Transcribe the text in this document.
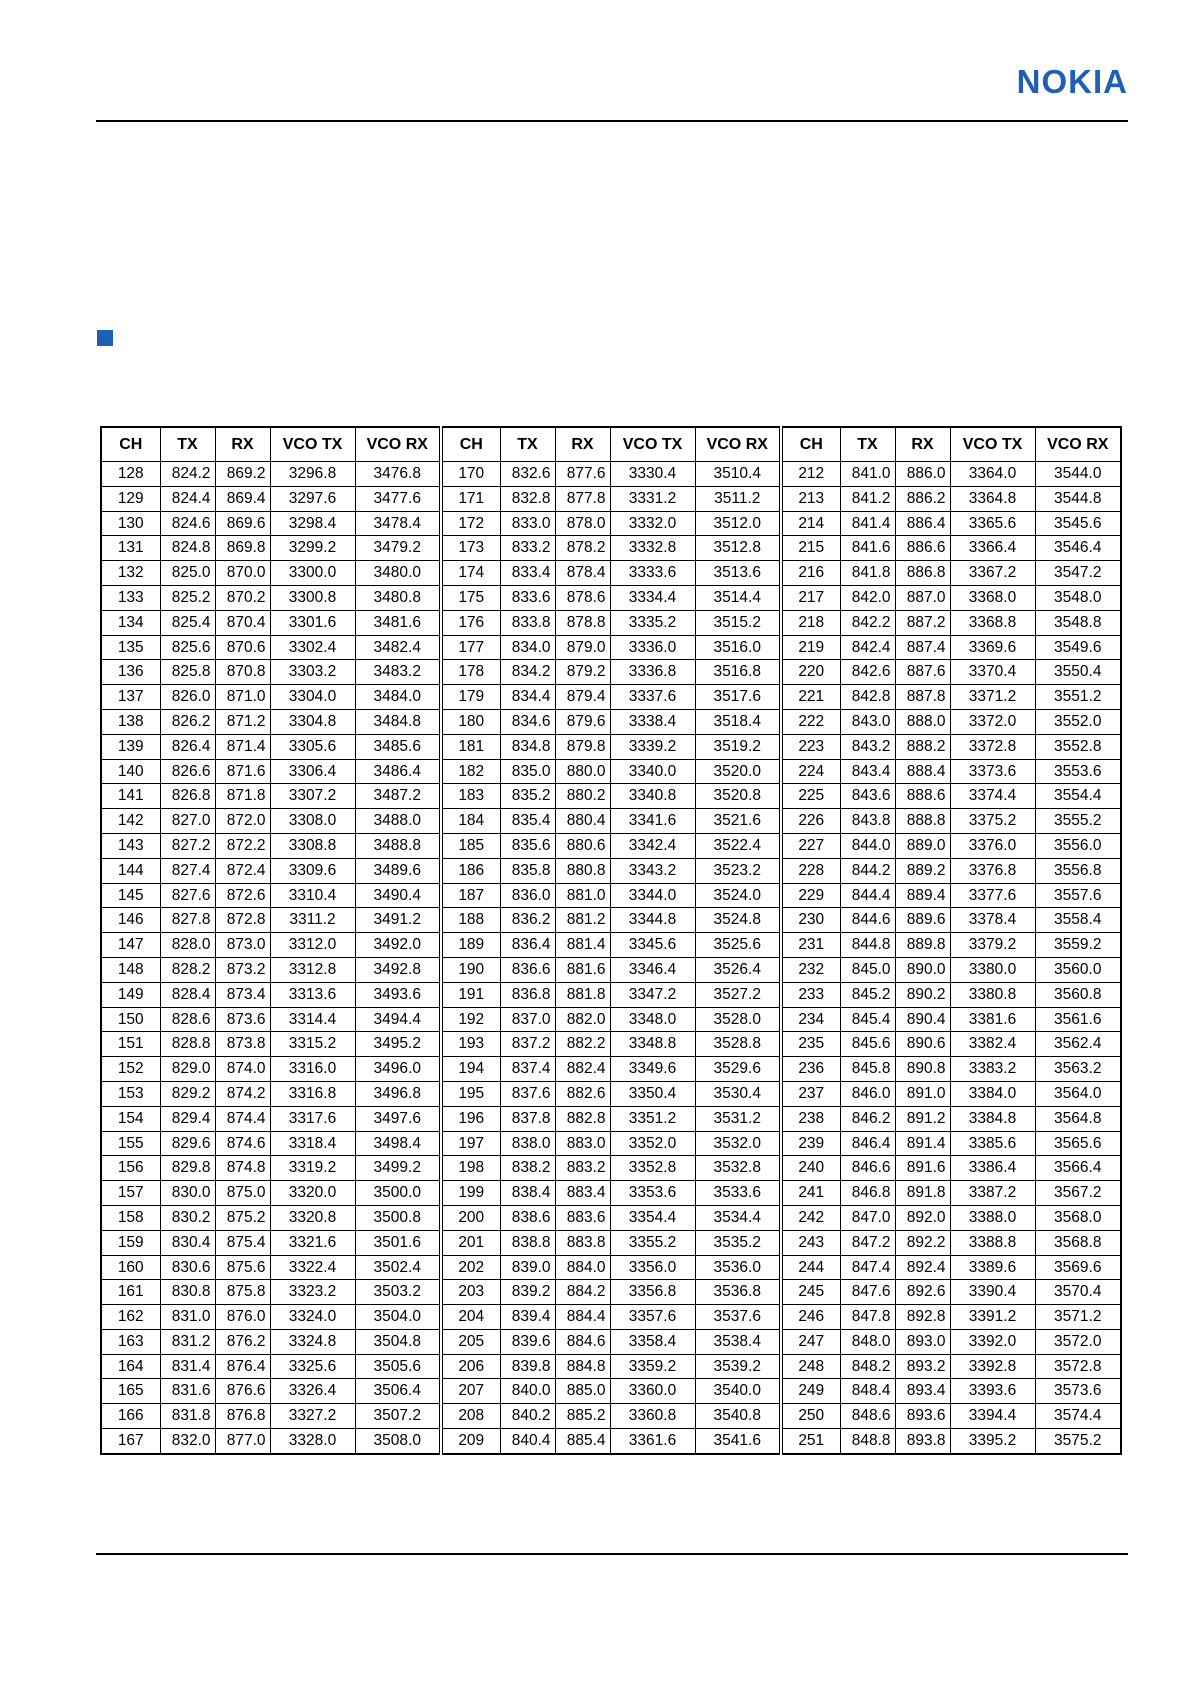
NOKIA
CH	TX	RX	VCO TX	VCO RX	CH	TX	RX	VCO TX	VCO RX	CH	TX	RX	VCO TX	VCO RX
128	824.2	869.2	3296.8	3476.8	170	832.6	877.6	3330.4	3510.4	212	841.0	886.0	3364.0	3544.0
129	824.4	869.4	3297.6	3477.6	171	832.8	877.8	3331.2	3511.2	213	841.2	886.2	3364.8	3544.8
130	824.6	869.6	3298.4	3478.4	172	833.0	878.0	3332.0	3512.0	214	841.4	886.4	3365.6	3545.6
131	824.8	869.8	3299.2	3479.2	173	833.2	878.2	3332.8	3512.8	215	841.6	886.6	3366.4	3546.4
132	825.0	870.0	3300.0	3480.0	174	833.4	878.4	3333.6	3513.6	216	841.8	886.8	3367.2	3547.2
133	825.2	870.2	3300.8	3480.8	175	833.6	878.6	3334.4	3514.4	217	842.0	887.0	3368.0	3548.0
134	825.4	870.4	3301.6	3481.6	176	833.8	878.8	3335.2	3515.2	218	842.2	887.2	3368.8	3548.8
135	825.6	870.6	3302.4	3482.4	177	834.0	879.0	3336.0	3516.0	219	842.4	887.4	3369.6	3549.6
136	825.8	870.8	3303.2	3483.2	178	834.2	879.2	3336.8	3516.8	220	842.6	887.6	3370.4	3550.4
137	826.0	871.0	3304.0	3484.0	179	834.4	879.4	3337.6	3517.6	221	842.8	887.8	3371.2	3551.2
138	826.2	871.2	3304.8	3484.8	180	834.6	879.6	3338.4	3518.4	222	843.0	888.0	3372.0	3552.0
139	826.4	871.4	3305.6	3485.6	181	834.8	879.8	3339.2	3519.2	223	843.2	888.2	3372.8	3552.8
140	826.6	871.6	3306.4	3486.4	182	835.0	880.0	3340.0	3520.0	224	843.4	888.4	3373.6	3553.6
141	826.8	871.8	3307.2	3487.2	183	835.2	880.2	3340.8	3520.8	225	843.6	888.6	3374.4	3554.4
142	827.0	872.0	3308.0	3488.0	184	835.4	880.4	3341.6	3521.6	226	843.8	888.8	3375.2	3555.2
143	827.2	872.2	3308.8	3488.8	185	835.6	880.6	3342.4	3522.4	227	844.0	889.0	3376.0	3556.0
144	827.4	872.4	3309.6	3489.6	186	835.8	880.8	3343.2	3523.2	228	844.2	889.2	3376.8	3556.8
145	827.6	872.6	3310.4	3490.4	187	836.0	881.0	3344.0	3524.0	229	844.4	889.4	3377.6	3557.6
146	827.8	872.8	3311.2	3491.2	188	836.2	881.2	3344.8	3524.8	230	844.6	889.6	3378.4	3558.4
147	828.0	873.0	3312.0	3492.0	189	836.4	881.4	3345.6	3525.6	231	844.8	889.8	3379.2	3559.2
148	828.2	873.2	3312.8	3492.8	190	836.6	881.6	3346.4	3526.4	232	845.0	890.0	3380.0	3560.0
149	828.4	873.4	3313.6	3493.6	191	836.8	881.8	3347.2	3527.2	233	845.2	890.2	3380.8	3560.8
150	828.6	873.6	3314.4	3494.4	192	837.0	882.0	3348.0	3528.0	234	845.4	890.4	3381.6	3561.6
151	828.8	873.8	3315.2	3495.2	193	837.2	882.2	3348.8	3528.8	235	845.6	890.6	3382.4	3562.4
152	829.0	874.0	3316.0	3496.0	194	837.4	882.4	3349.6	3529.6	236	845.8	890.8	3383.2	3563.2
153	829.2	874.2	3316.8	3496.8	195	837.6	882.6	3350.4	3530.4	237	846.0	891.0	3384.0	3564.0
154	829.4	874.4	3317.6	3497.6	196	837.8	882.8	3351.2	3531.2	238	846.2	891.2	3384.8	3564.8
155	829.6	874.6	3318.4	3498.4	197	838.0	883.0	3352.0	3532.0	239	846.4	891.4	3385.6	3565.6
156	829.8	874.8	3319.2	3499.2	198	838.2	883.2	3352.8	3532.8	240	846.6	891.6	3386.4	3566.4
157	830.0	875.0	3320.0	3500.0	199	838.4	883.4	3353.6	3533.6	241	846.8	891.8	3387.2	3567.2
158	830.2	875.2	3320.8	3500.8	200	838.6	883.6	3354.4	3534.4	242	847.0	892.0	3388.0	3568.0
159	830.4	875.4	3321.6	3501.6	201	838.8	883.8	3355.2	3535.2	243	847.2	892.2	3388.8	3568.8
160	830.6	875.6	3322.4	3502.4	202	839.0	884.0	3356.0	3536.0	244	847.4	892.4	3389.6	3569.6
161	830.8	875.8	3323.2	3503.2	203	839.2	884.2	3356.8	3536.8	245	847.6	892.6	3390.4	3570.4
162	831.0	876.0	3324.0	3504.0	204	839.4	884.4	3357.6	3537.6	246	847.8	892.8	3391.2	3571.2
163	831.2	876.2	3324.8	3504.8	205	839.6	884.6	3358.4	3538.4	247	848.0	893.0	3392.0	3572.0
164	831.4	876.4	3325.6	3505.6	206	839.8	884.8	3359.2	3539.2	248	848.2	893.2	3392.8	3572.8
165	831.6	876.6	3326.4	3506.4	207	840.0	885.0	3360.0	3540.0	249	848.4	893.4	3393.6	3573.6
166	831.8	876.8	3327.2	3507.2	208	840.2	885.2	3360.8	3540.8	250	848.6	893.6	3394.4	3574.4
167	832.0	877.0	3328.0	3508.0	209	840.4	885.4	3361.6	3541.6	251	848.8	893.8	3395.2	3575.2
